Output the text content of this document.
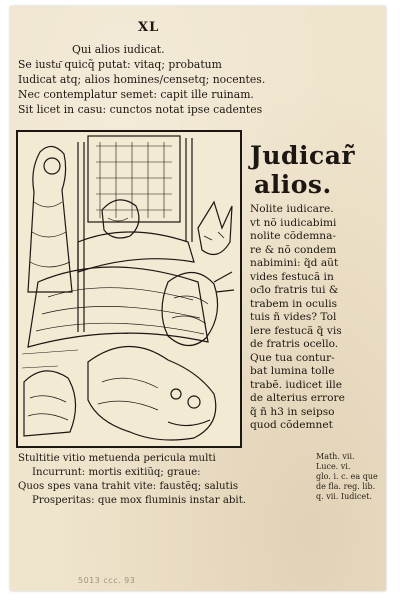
XL
Qui alios iudicat.
Se iustu͂ quicq̃ putat: vitaq; probatum
Iudicat atq; alios homines/censetq; nocentes.
Nec contemplatur semet: capit ille ruinam.
Sit licet in casu: cunctos notat ipse cadentes
Judicar̃
alios.
Nolite iudicare.
vt nõ iudicabimi
nolite cõdemna-
re & nõ condem
nabimini: q̃d aũt
vides festucã in
oc͂lo fratris tui &
trabem in oculis
tuis ñ vides? Tol
lere festucã q̃ vis
de fratris ocello.
Que tua contur-
bat lumina tolle
trabẽ. iudicet ille
de alterius errore
q̃ ñ h3 in seipso
quod cõdemnet
Stultitie vitio metuenda pericula multi
Incurrunt: mortis exitiũq; graue:
Quos spes vana trahit vite: faustẽq; salutis
Prosperitas: que mox fluminis instar abit.
Math. vii.
Luce. vi.
glo. i. c. ea que
de fla. reg. lib.
q. vii. Iudicet.
5013 ccc. 93
